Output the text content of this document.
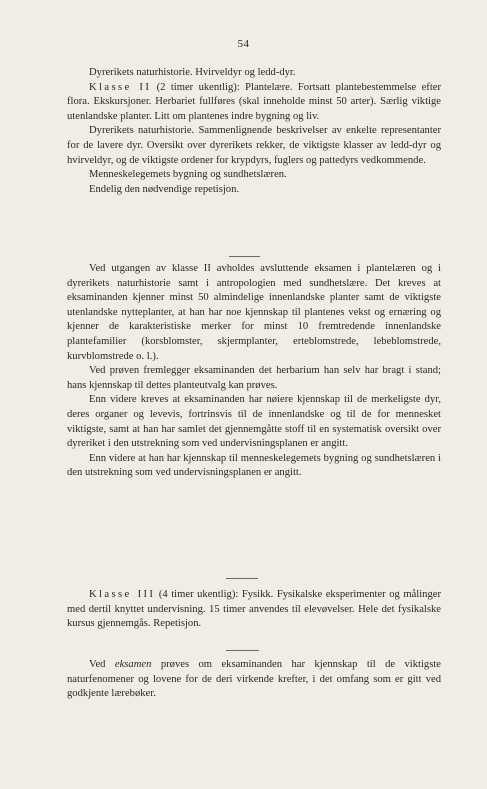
54

Dyrerikets naturhistorie. Hvirveldyr og ledd-dyr.

Klasse II (2 timer ukentlig): Plantelære. Fortsatt plantebestemmelse efter flora. Ekskursjoner. Herbariet fullføres (skal inneholde minst 50 arter). Særlig viktige utenlandske planter. Litt om plantenes indre bygning og liv.

Dyrerikets naturhistorie. Sammenlignende beskrivelser av enkelte representanter for de lavere dyr. Oversikt over dyrerikets rekker, de viktigste klasser av ledd-dyr og hvirveldyr, og de viktigste ordener for krypdyrs, fuglers og pattedyrs vedkommende.

Menneskelegemets bygning og sundhetslæren.

Endelig den nødvendige repetisjon.

Ved utgangen av klasse II avholdes avsluttende eksamen i plantelæren og i dyrerikets naturhistorie samt i antropologien med sundhetslære. Det kreves at eksaminanden kjenner minst 50 almindelige innenlandske planter samt de viktigste utenlandske nytteplanter, at han har noe kjennskap til plantenes vekst og ernæring og kjenner de karakteristiske merker for minst 10 fremtredende innenlandske plantefamilier (korsblomster, skjermplanter, erteblomstrede, lebeblomstrede, kurvblomstrede o. l.).

Ved prøven fremlegger eksaminanden det herbarium han selv har bragt i stand; hans kjennskap til dettes planteutvalg kan prøves.

Enn videre kreves at eksaminanden har nøiere kjennskap til de merkeligste dyr, deres organer og levevis, fortrinsvis til de innenlandske og til de for mennesket viktigste, samt at han har samlet det gjennemgåtte stoff til en systematisk oversikt over dyreriket i den utstrekning som ved undervisningsplanen er angitt.

Enn videre at han har kjennskap til menneskelegemets bygning og sundhetslæren i den utstrekning som ved undervisningsplanen er angitt.

Klasse III (4 timer ukentlig): Fysikk. Fysikalske eksperimenter og målinger med dertil knyttet undervisning. 15 timer anvendes til elevøvelser. Hele det fysikalske kursus gjennemgås. Repetisjon.

Ved eksamen prøves om eksaminanden har kjennskap til de viktigste naturfenomener og lovene for de deri virkende krefter, i det omfang som er gitt ved godkjente lærebøker.
